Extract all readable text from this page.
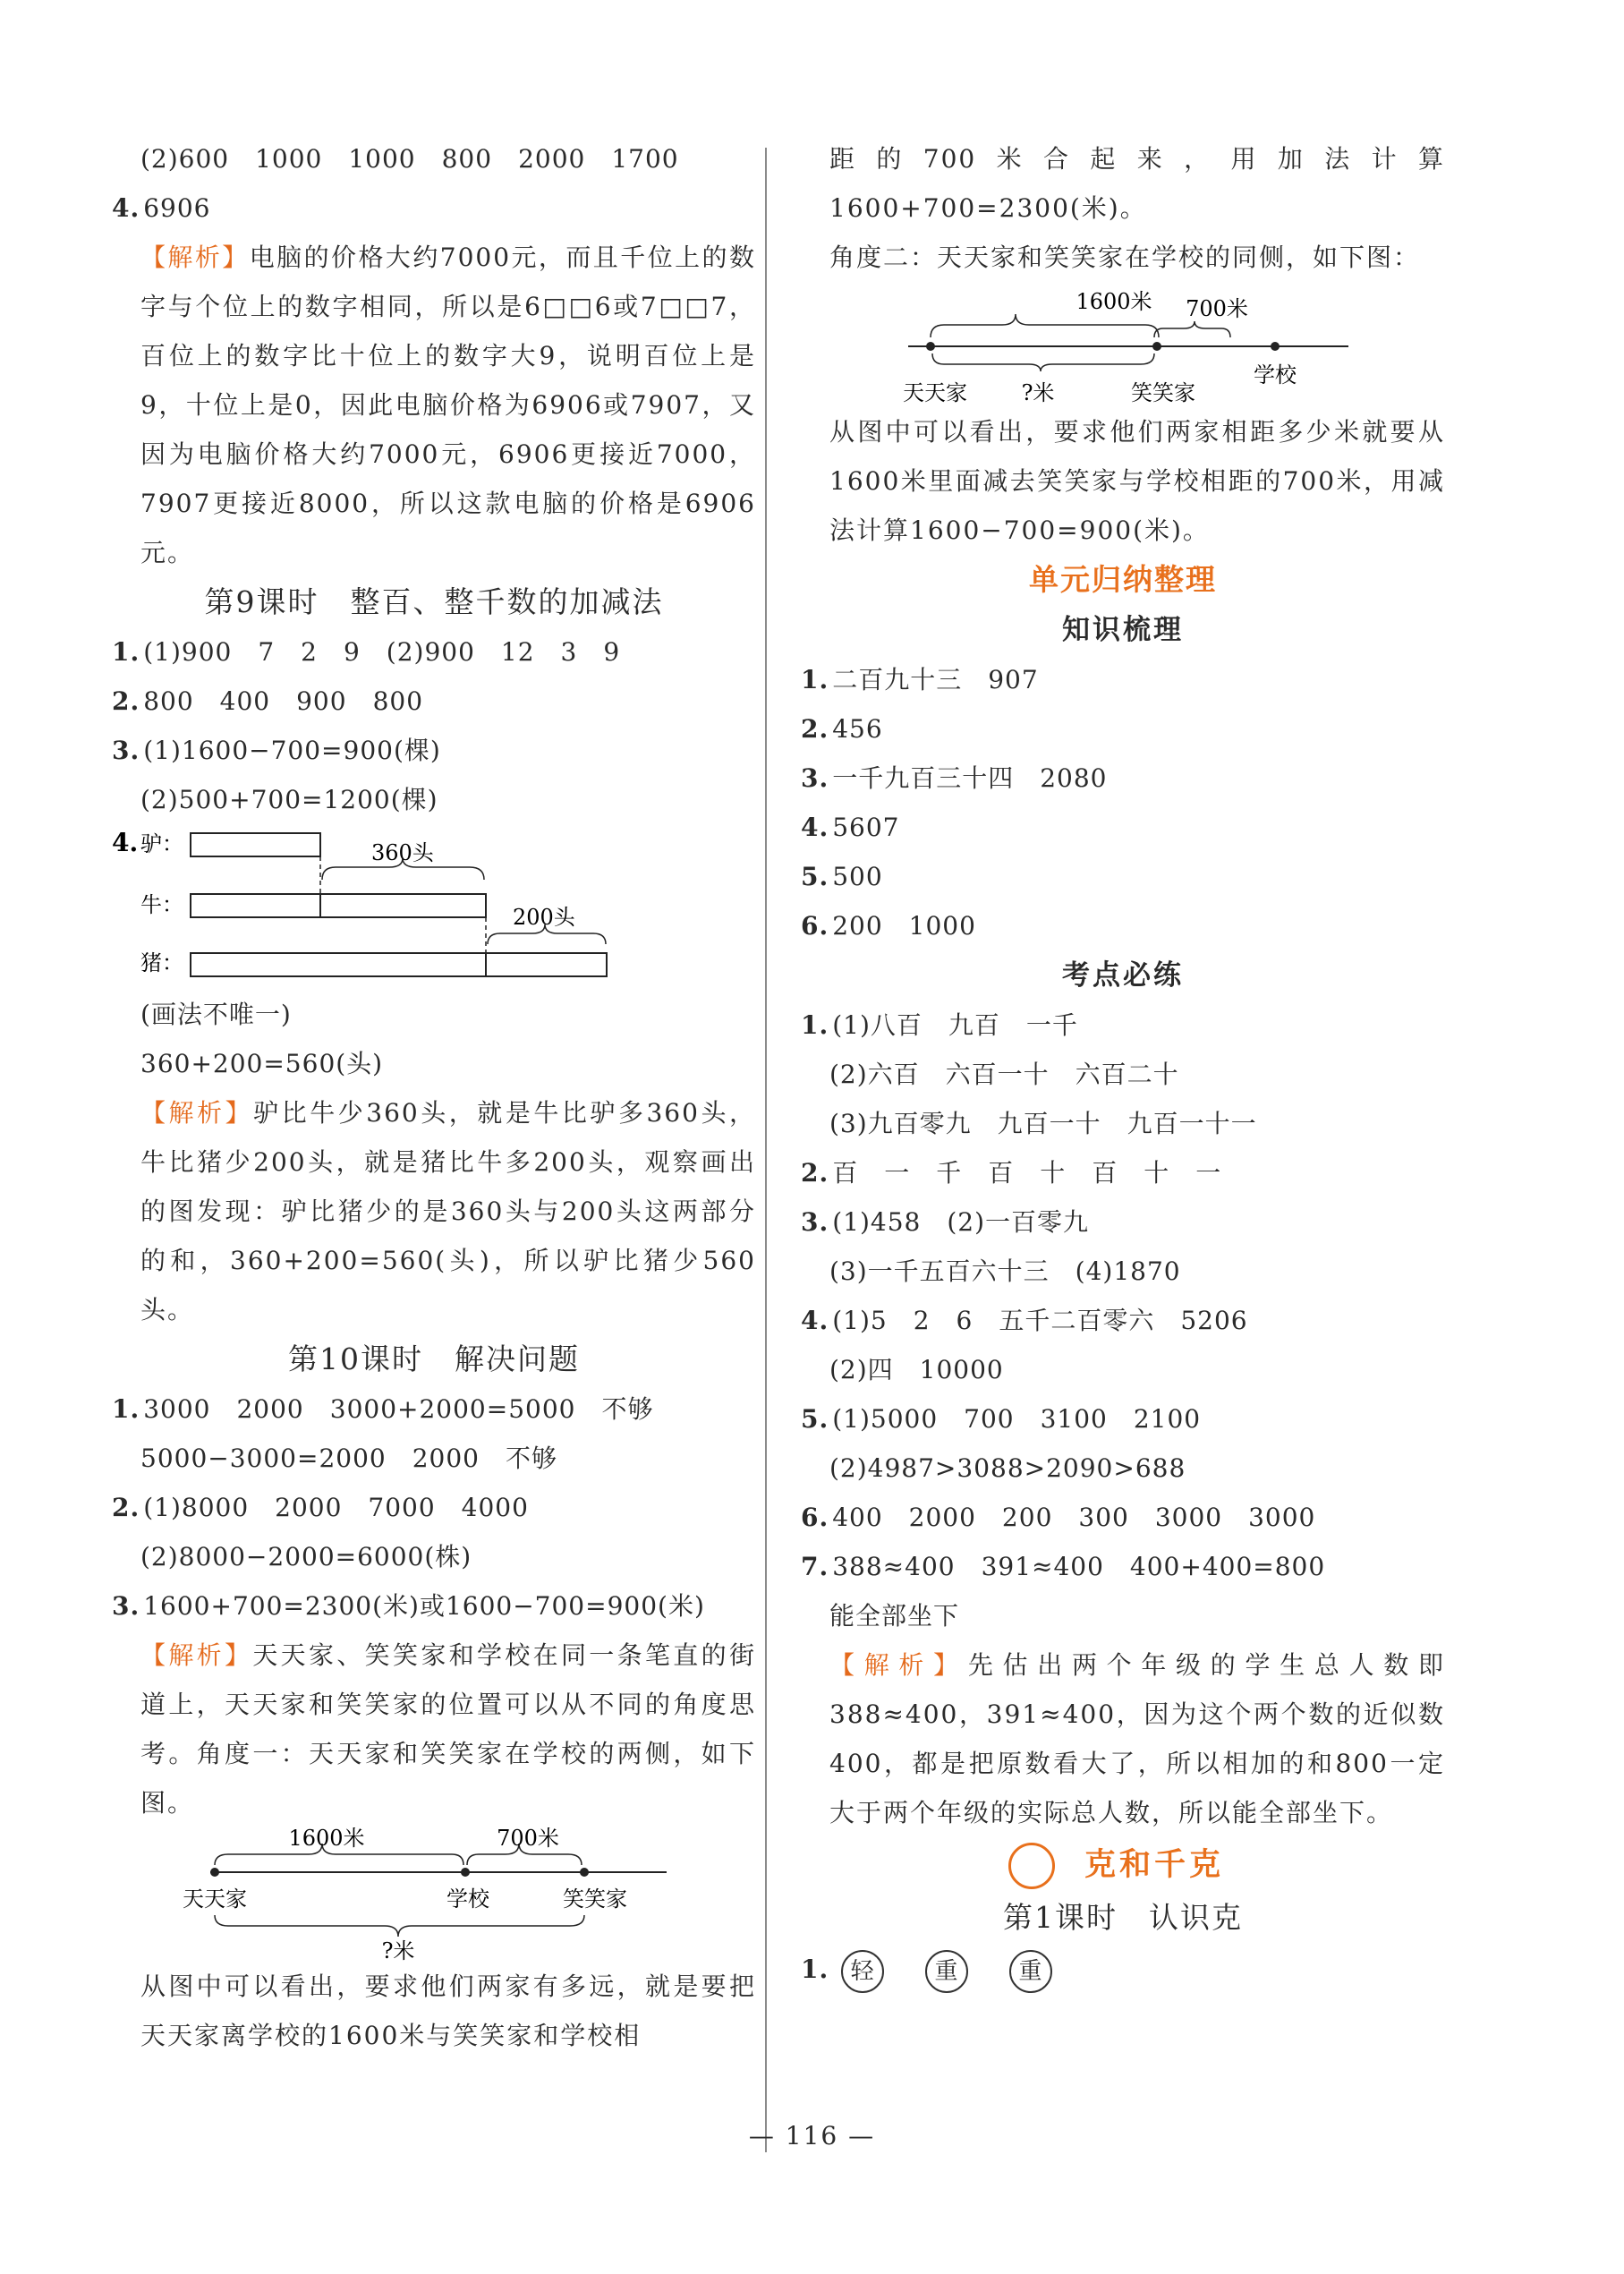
(2)600　1000　1000　800　2000　1700
4. 6906

【解析】电脑的价格大约7000元，而且千位上的数字与个位上的数字相同，所以是6□□6或7□□7，百位上的数字比十位上的数字大9，说明百位上是9，十位上是0，因此电脑价格为6906或7907，又因为电脑价格大约7000元，6906更接近7000，7907更接近8000，所以这款电脑的价格是6906元。

第9课时　整百、整千数的加减法
1. (1)900　7　2　9　(2)900　12　3　9
2. 800　400　900　800
3. (1)1600−700=900(棵)
(2)500+700=1200(棵)
4. 驴：
牛：
360头
猪：
200头
(画法不唯一)
360+200=560(头)

【解析】驴比牛少360头，就是牛比驴多360头，牛比猪少200头，就是猪比牛多200头，观察画出的图发现：驴比猪少的是360头与200头这两部分的和，360+200=560(头)，所以驴比猪少560头。

第10课时　解决问题
1. 3000　2000　3000+2000=5000　不够
5000−3000=2000　2000　不够
2. (1)8000　2000　7000　4000
(2)8000−2000=6000(株)
3. 1600+700=2300(米)或1600−700=900(米)

【解析】天天家、笑笑家和学校在同一条笔直的街道上，天天家和笑笑家的位置可以从不同的角度思考。角度一：天天家和笑笑家在学校的两侧，如下图。

1600米	700米
天天家	学校	笑笑家
?米

从图中可以看出，要求他们两家有多远，就是要把天天家离学校的1600米与笑笑家和学校相

距的700米合起来，用加法计算1600+700=2300(米)。

角度二：天天家和笑笑家在学校的同侧，如下图：

1600米 700米
天天家	?米	笑笑家
学校

从图中可以看出，要求他们两家相距多少米就要从1600米里面减去笑笑家与学校相距的700米，用减法计算1600−700=900(米)。

单元归纳整理
知识梳理
1. 二百九十三　907
2. 456
3. 一千九百三十四　2080
4. 5607
5. 500
6. 200　1000
考点必练
1. (1)八百　九百　一千
(2)六百　六百一十　六百二十
(3)九百零九　九百一十　九百一十一
2. 百　一　千　百　十　百　十　一
3. (1)458　(2)一百零九
(3)一千五百六十三　(4)1870
4. (1)5　2　6　五千二百零六　5206
(2)四　10000
5. (1)5000　700　3100　2100
(2)4987>3088>2090>688
6. 400　2000　200　300　3000　3000
7. 388≈400　391≈400　400+400=800
能全部坐下

【解析】先估出两个年级的学生总人数即388≈400，391≈400，因为这个两个数的近似数400，都是把原数看大了，所以相加的和800一定大于两个年级的实际总人数，所以能全部坐下。

克和千克
第1课时　认识克
1. 轻	重	重
— 116 —
